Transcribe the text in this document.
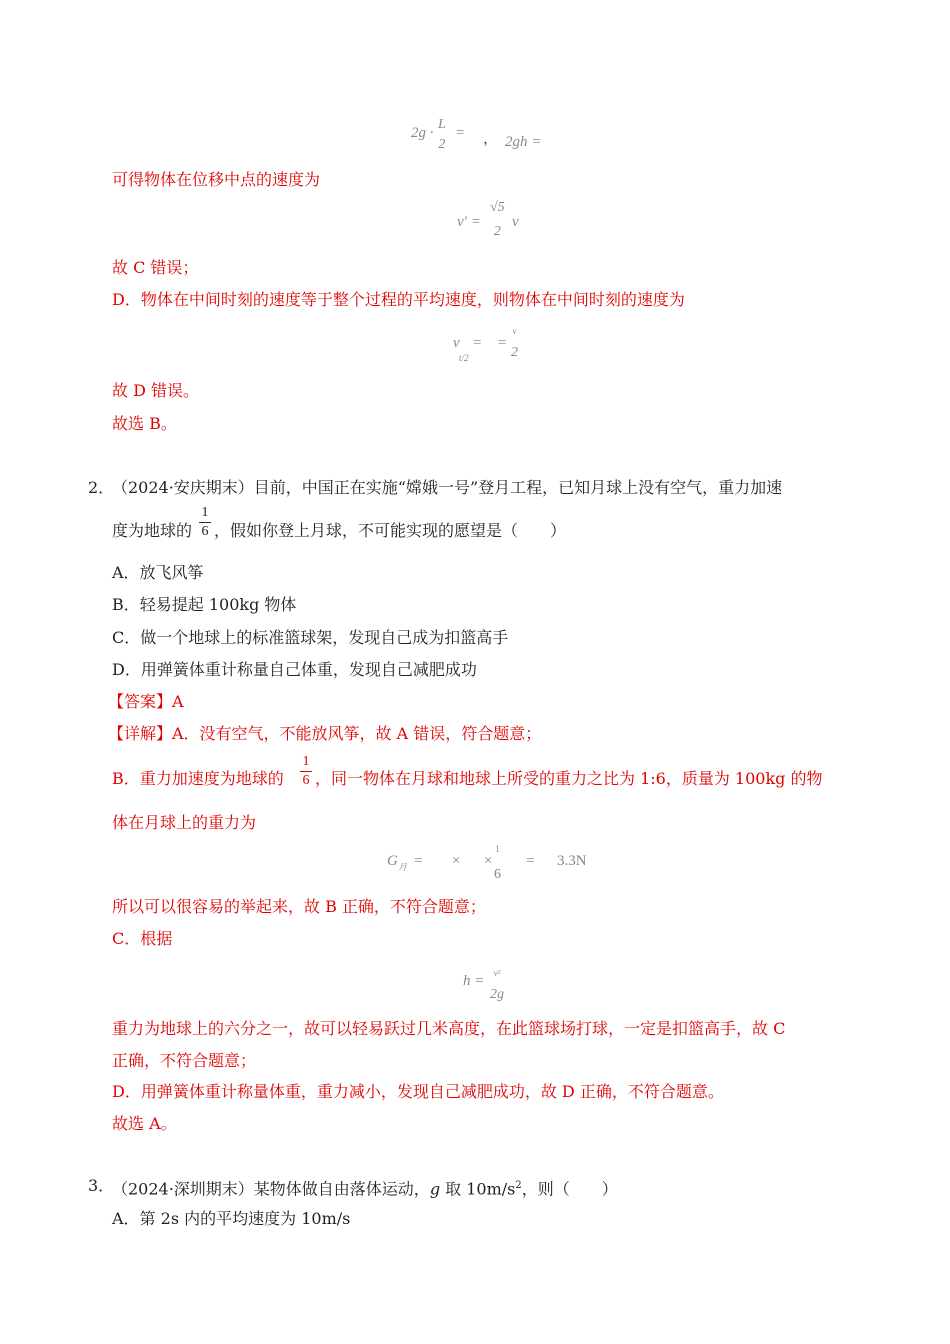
2g ·
L
2
= ， 2gh =
可得物体在位移中点的速度为
v′ =
√5
2
v
故 C 错误；
D．物体在中间时刻的速度等于整个过程的平均速度，则物体在中间时刻的速度为
v
t/2
= =
v
2
故 D 错误。
故选 B。
2．
（2024·安庆期末）目前，中国正在实施“嫦娥一号”登月工程，已知月球上没有空气，重力加速
度为地球的
1
6 ，假如你登上月球，不可能实现的愿望是（　　）
A．放飞风筝
B．轻易提起 100kg 物体
C．做一个地球上的标准篮球架，发现自己成为扣篮高手
D．用弹簧体重计称量自己体重，发现自己减肥成功
【答案】A
【详解】A．没有空气，不能放风筝，故 A 错误，符合题意；
B．重力加速度为地球的
1
6 ，同一物体在月球和地球上所受的重力之比为 1:6，质量为 100kg 的物
体在月球上的重力为
G 月 = × ×
1
6
= 3.3N
所以可以很容易的举起来，故 B 正确，不符合题意；
C．根据
h =	v²
2g
重力为地球上的六分之一，故可以轻易跃过几米高度，在此篮球场打球，一定是扣篮高手，故 C
正确，不符合题意；
D．用弹簧体重计称量体重，重力减小，发现自己减肥成功，故 D 正确，不符合题意。
故选 A。
3．
（2024·深圳期末）某物体做自由落体运动，g 取 $10m/s^2$，则（　　）
A．第 2s 内的平均速度为 10m/s
